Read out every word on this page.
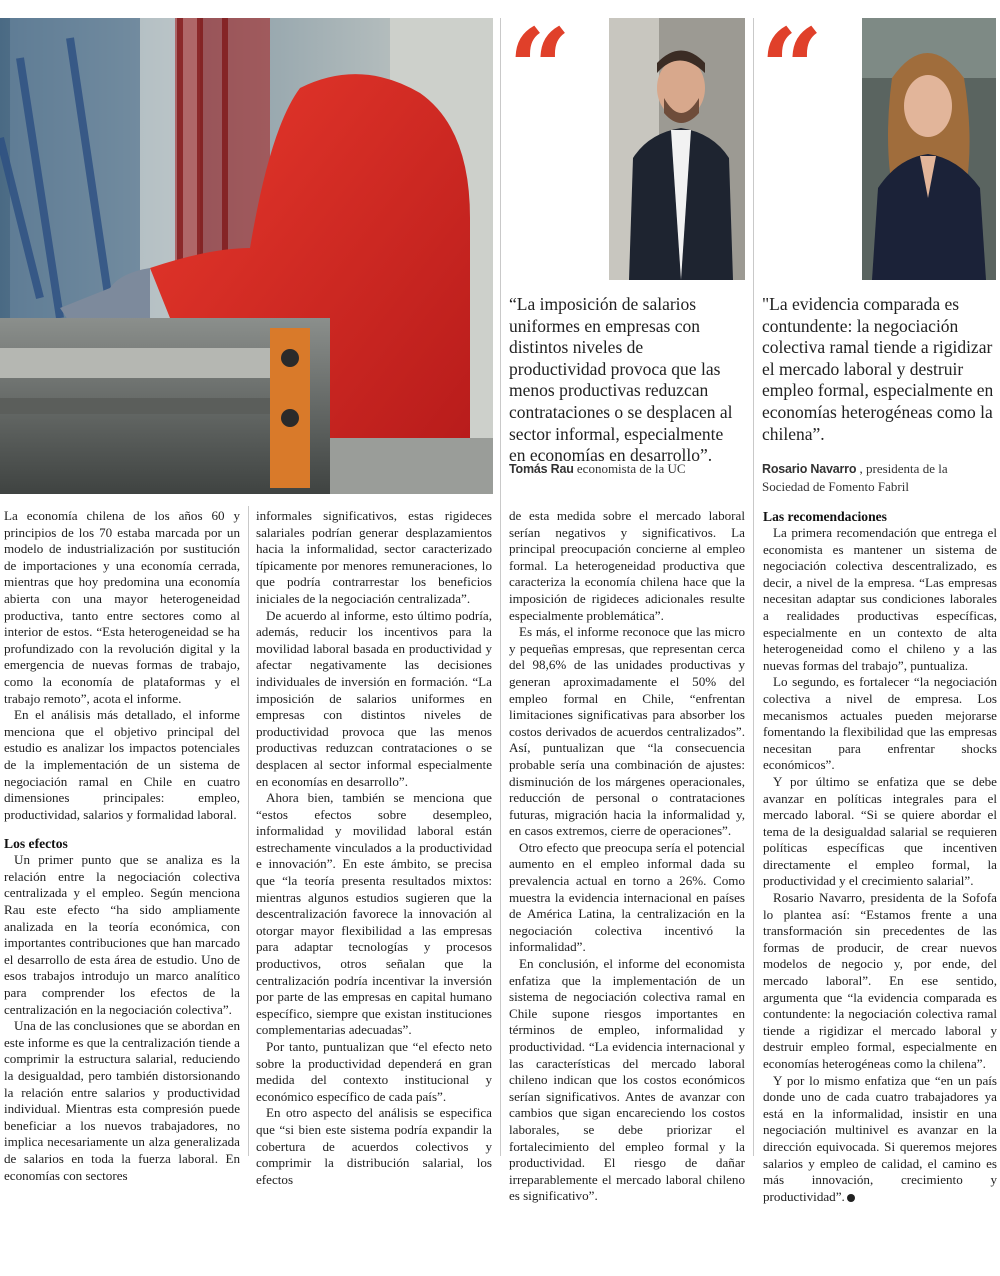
“

“La imposición de salarios uniformes en empresas con distintos niveles de productividad provoca que las menos productivas reduzcan contrataciones o se desplacen al sector informal, especialmente en economías en desarrollo”.

Tomás Rau economista de la UC
“

"La evidencia comparada es contundente: la negociación colectiva ramal tiende a rigidizar el mercado laboral y destruir empleo formal, especialmente en economías heterogéneas como la chilena”.

Rosario Navarro , presidenta de la Sociedad de Fomento Fabril

La economía chilena de los años 60 y principios de los 70 estaba marcada por un modelo de industrialización por sustitución de importaciones y una economía cerrada, mientras que hoy predomina una economía abierta con una mayor heterogeneidad productiva, tanto entre sectores como al interior de estos. “Esta heterogeneidad se ha profundizado con la revolución digital y la emergencia de nuevas formas de trabajo, como la economía de plataformas y el trabajo remoto”, acota el informe.

En el análisis más detallado, el informe menciona que el objetivo principal del estudio es analizar los impactos potenciales de la implementación de un sistema de negociación ramal en Chile en cuatro dimensiones principales: empleo, productividad, salarios y formalidad laboral.

Los efectos

Un primer punto que se analiza es la relación entre la negociación colectiva centralizada y el empleo. Según menciona Rau este efecto “ha sido ampliamente analizada en la teoría económica, con importantes contribuciones que han marcado el desarrollo de esta área de estudio. Uno de esos trabajos introdujo un marco analítico para comprender los efectos de la centralización en la negociación colectiva”.

Una de las conclusiones que se abordan en este informe es que la centralización tiende a comprimir la estructura salarial, reduciendo la desigualdad, pero también distorsionando la relación entre salarios y productividad individual. Mientras esta compresión puede beneficiar a los nuevos trabajadores, no implica necesariamente un alza generalizada de salarios en toda la fuerza laboral. En economías con sectores

informales significativos, estas rigideces salariales podrían generar desplazamientos hacia la informalidad, sector caracterizado típicamente por menores remuneraciones, lo que podría contrarrestar los beneficios iniciales de la negociación centralizada”.

De acuerdo al informe, esto último podría, además, reducir los incentivos para la movilidad laboral basada en productividad y afectar negativamente las decisiones individuales de inversión en formación. “La imposición de salarios uniformes en empresas con distintos niveles de productividad provoca que las menos productivas reduzcan contrataciones o se desplacen al sector informal especialmente en economías en desarrollo”.

Ahora bien, también se menciona que “estos efectos sobre desempleo, informalidad y movilidad laboral están estrechamente vinculados a la productividad e innovación”. En este ámbito, se precisa que “la teoría presenta resultados mixtos: mientras algunos estudios sugieren que la descentralización favorece la innovación al otorgar mayor flexibilidad a las empresas para adaptar tecnologías y procesos productivos, otros señalan que la centralización podría incentivar la inversión por parte de las empresas en capital humano específico, siempre que existan instituciones complementarias adecuadas”.

Por tanto, puntualizan que “el efecto neto sobre la productividad dependerá en gran medida del contexto institucional y económico específico de cada país”.

En otro aspecto del análisis se especifica que “si bien este sistema podría expandir la cobertura de acuerdos colectivos y comprimir la distribución salarial, los efectos

de esta medida sobre el mercado laboral serían negativos y significativos. La principal preocupación concierne al empleo formal. La heterogeneidad productiva que caracteriza la economía chilena hace que la imposición de rigideces adicionales resulte especialmente problemática”.

Es más, el informe reconoce que las micro y pequeñas empresas, que representan cerca del 98,6% de las unidades productivas y generan aproximadamente el 50% del empleo formal en Chile, “enfrentan limitaciones significativas para absorber los costos derivados de acuerdos centralizados”. Así, puntualizan que “la consecuencia probable sería una combinación de ajustes: disminución de los márgenes operacionales, reducción de personal o contrataciones futuras, migración hacia la informalidad y, en casos extremos, cierre de operaciones”.

Otro efecto que preocupa sería el potencial aumento en el empleo informal dada su prevalencia actual en torno a 26%. Como muestra la evidencia internacional en países de América Latina, la centralización en la negociación colectiva incentivó la informalidad”.

En conclusión, el informe del economista enfatiza que la implementación de un sistema de negociación colectiva ramal en Chile supone riesgos importantes en términos de empleo, informalidad y productividad. “La evidencia internacional y las características del mercado laboral chileno indican que los costos económicos serían significativos. Antes de avanzar con cambios que sigan encareciendo los costos laborales, se debe priorizar el fortalecimiento del empleo formal y la productividad. El riesgo de dañar irreparablemente el mercado laboral chileno es significativo”.

Las recomendaciones

La primera recomendación que entrega el economista es mantener un sistema de negociación colectiva descentralizado, es decir, a nivel de la empresa. “Las empresas necesitan adaptar sus condiciones laborales a realidades productivas específicas, especialmente en un contexto de alta heterogeneidad como el chileno y a las nuevas formas del trabajo”, puntualiza.

Lo segundo, es fortalecer “la negociación colectiva a nivel de empresa. Los mecanismos actuales pueden mejorarse fomentando la flexibilidad que las empresas necesitan para enfrentar shocks económicos”.

Y por último se enfatiza que se debe avanzar en políticas integrales para el mercado laboral. “Si se quiere abordar el tema de la desigualdad salarial se requieren políticas específicas que incentiven directamente el empleo formal, la productividad y el crecimiento salarial”.

Rosario Navarro, presidenta de la Sofofa lo plantea así: “Estamos frente a una transformación sin precedentes de las formas de producir, de crear nuevos modelos de negocio y, por ende, del mercado laboral”. En ese sentido, argumenta que “la evidencia comparada es contundente: la negociación colectiva ramal tiende a rigidizar el mercado laboral y destruir empleo formal, especialmente en economías heterogéneas como la chilena”.

Y por lo mismo enfatiza que “en un país donde uno de cada cuatro trabajadores ya está en la informalidad, insistir en una negociación multinivel es avanzar en la dirección equivocada. Si queremos mejores salarios y empleo de calidad, el camino es más innovación, crecimiento y productividad”.
